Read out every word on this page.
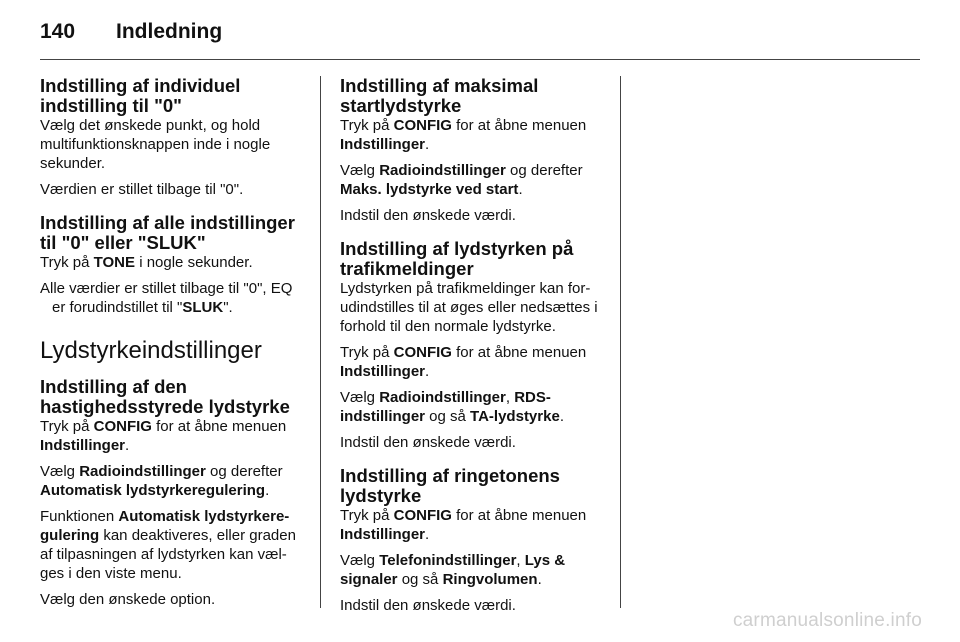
140 Indledning
Indstilling af individuel indstilling til "0"

Vælg det ønskede punkt, og hold multifunktionsknappen inde i nogle sekunder.

Værdien er stillet tilbage til "0".

Indstilling af alle indstillinger til "0" eller "SLUK"

Tryk på TONE i nogle sekunder.

Alle værdier er stillet tilbage til "0", EQ er forudindstillet til "SLUK".

Lydstyrkeindstillinger
Indstilling af den hastighedsstyrede lydstyrke

Tryk på CONFIG for at åbne menuen Indstillinger.

Vælg Radioindstillinger og derefter Automatisk lydstyrkeregulering.

Funktionen Automatisk lydstyrkere-gulering kan deaktiveres, eller graden af tilpasningen af lydstyrken kan væl-ges i den viste menu.

Vælg den ønskede option.

Indstilling af maksimal startlydstyrke

Tryk på CONFIG for at åbne menuen Indstillinger.

Vælg Radioindstillinger og derefter Maks. lydstyrke ved start.

Indstil den ønskede værdi.

Indstilling af lydstyrken på trafikmeldinger

Lydstyrken på trafikmeldinger kan for-udindstilles til at øges eller nedsættes i forhold til den normale lydstyrke.

Tryk på CONFIG for at åbne menuen Indstillinger.

Vælg Radioindstillinger, RDS-indstillinger og så TA-lydstyrke.

Indstil den ønskede værdi.

Indstilling af ringetonens lydstyrke

Tryk på CONFIG for at åbne menuen Indstillinger.

Vælg Telefonindstillinger, Lys & signaler og så Ringvolumen.

Indstil den ønskede værdi.

carmanualsonline.info
